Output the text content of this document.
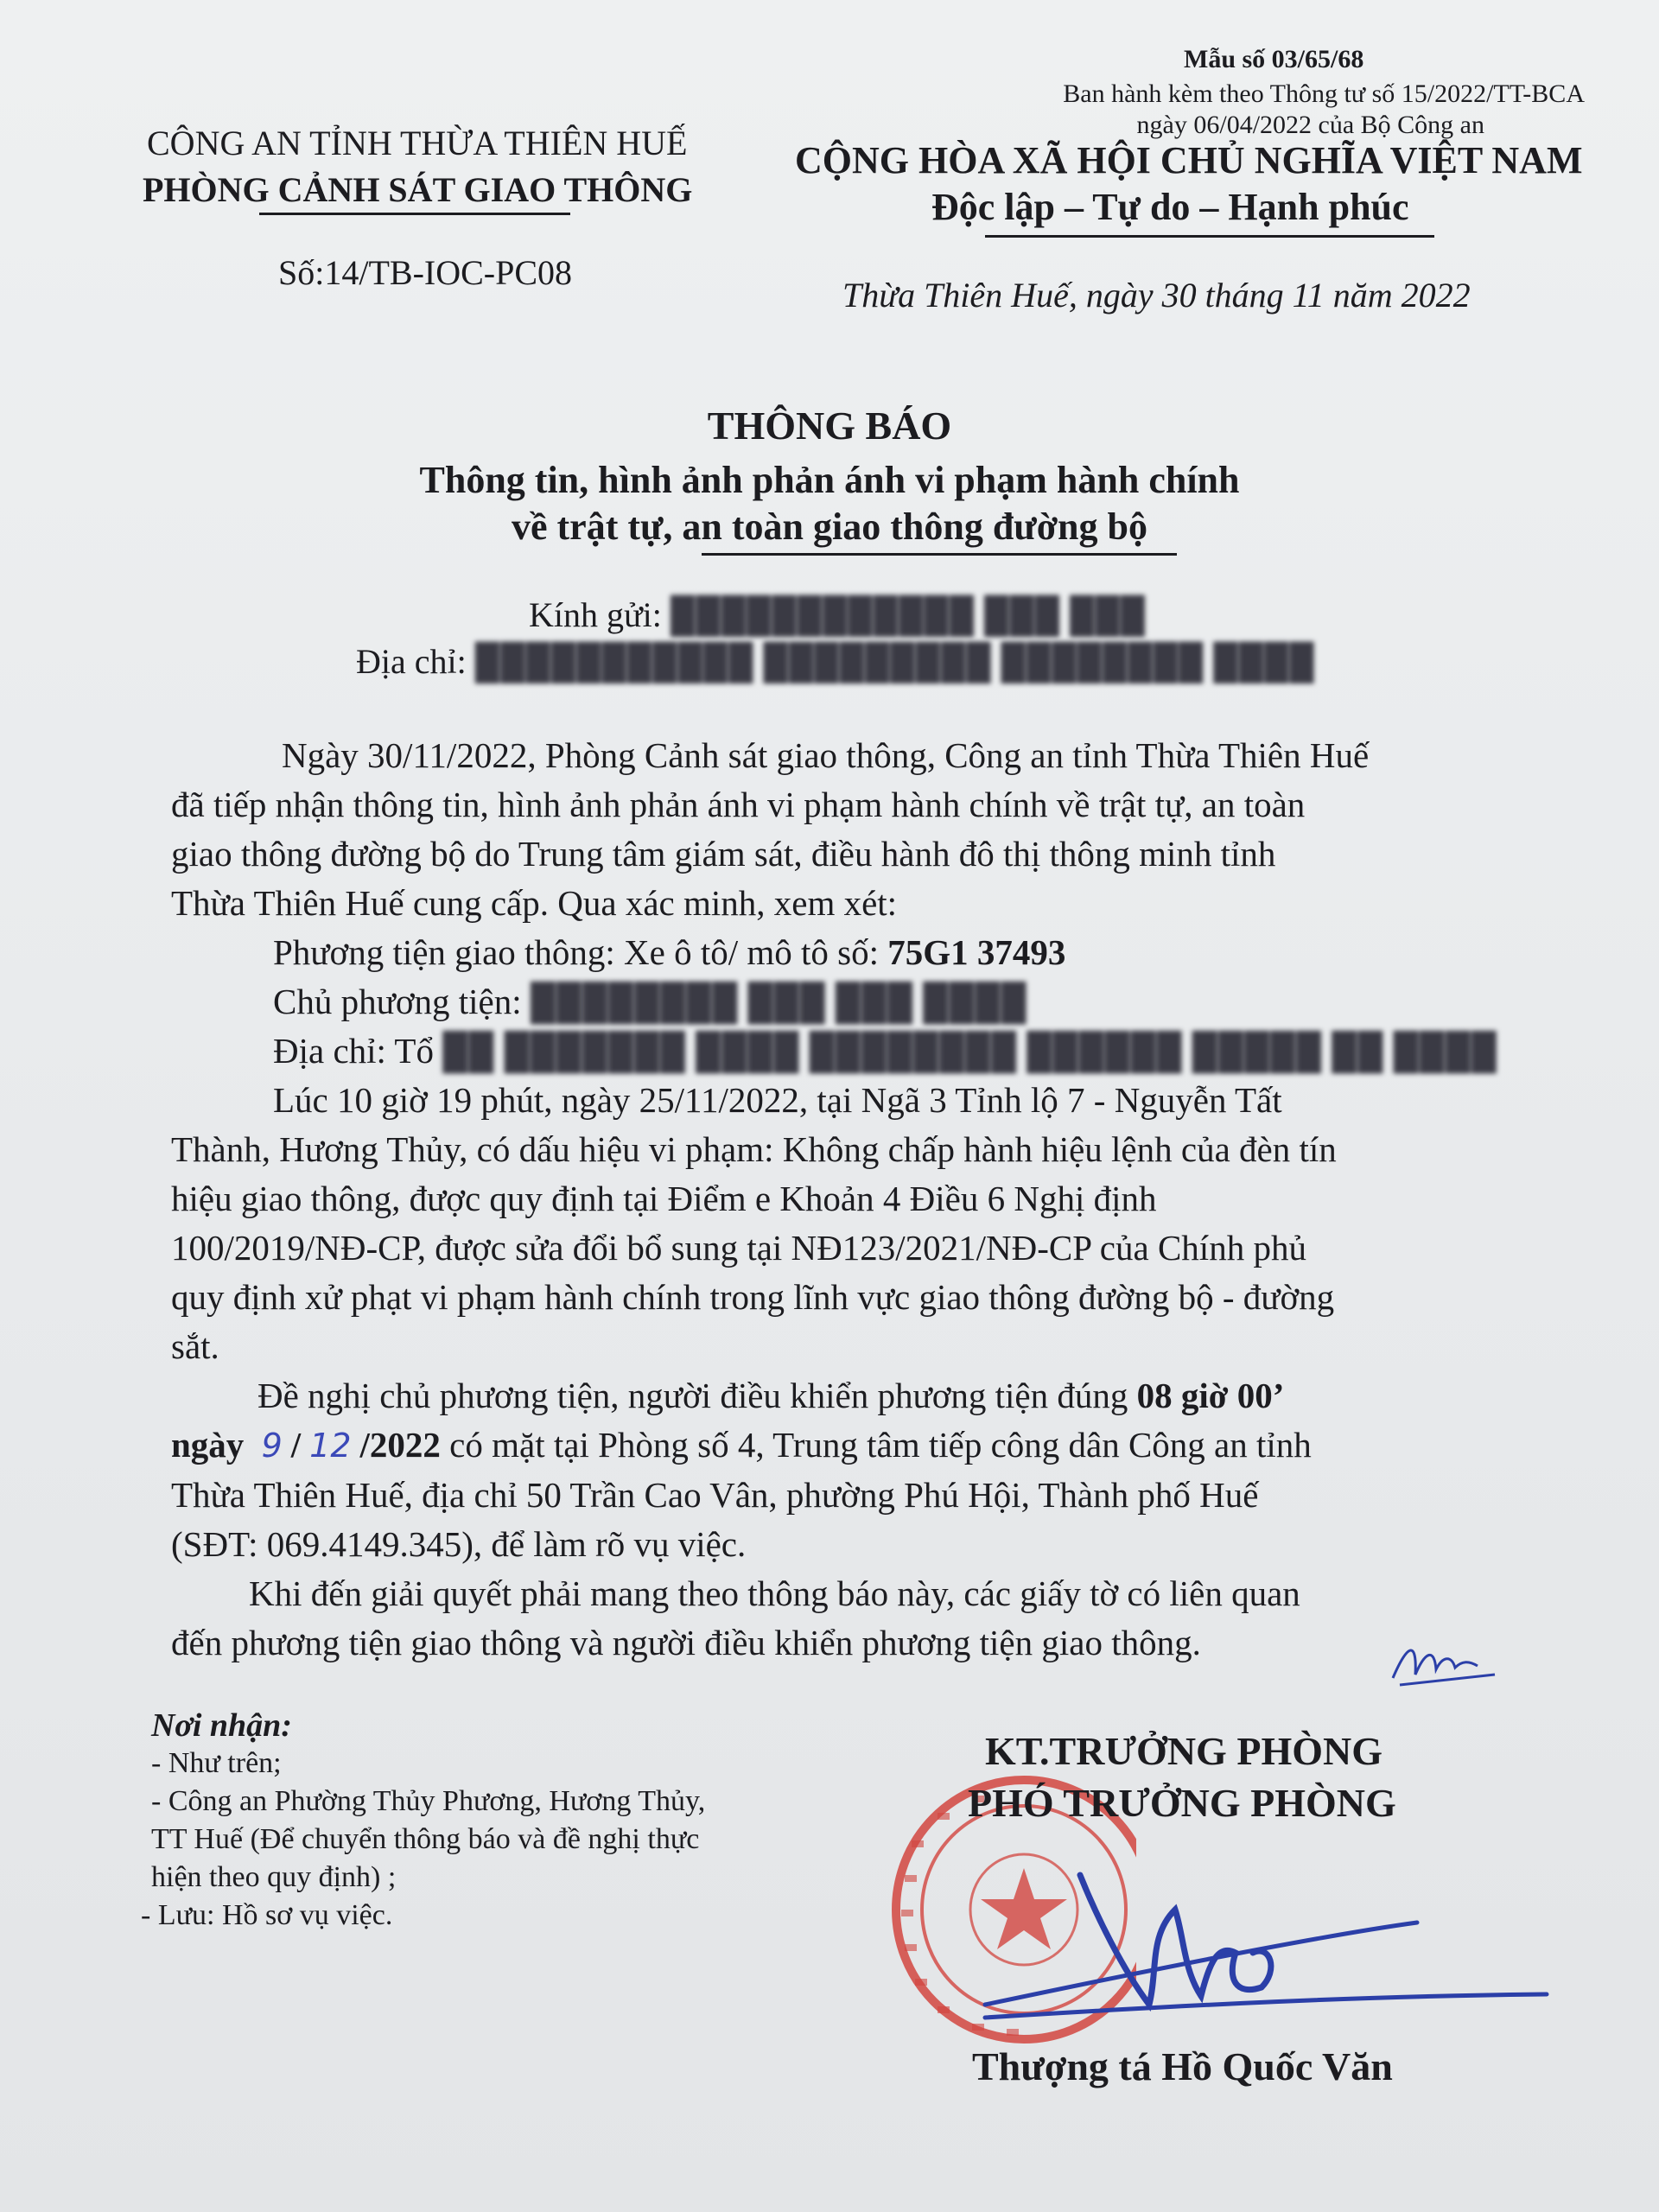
Mẫu số 03/65/68
Ban hành kèm theo Thông tư số 15/2022/TT-BCA
ngày 06/04/2022 của Bộ Công an
CÔNG AN TỈNH THỪA THIÊN HUẾ
PHÒNG CẢNH SÁT GIAO THÔNG
Số:14/TB-IOC-PC08
CỘNG HÒA XÃ HỘI CHỦ NGHĨA VIỆT NAM
Độc lập – Tự do – Hạnh phúc
Thừa Thiên Huế, ngày 30 tháng 11 năm 2022
THÔNG BÁO
Thông tin, hình ảnh phản ánh vi phạm hành chính
về trật tự, an toàn giao thông đường bộ
Kính gửi: ████████████ ███ ███
Địa chỉ: ███████████ █████████ ████████ ████
Ngày 30/11/2022, Phòng Cảnh sát giao thông, Công an tỉnh Thừa Thiên Huế
đã tiếp nhận thông tin, hình ảnh phản ánh vi phạm hành chính về trật tự, an toàn
giao thông đường bộ do Trung tâm giám sát, điều hành đô thị thông minh tỉnh
Thừa Thiên Huế cung cấp. Qua xác minh, xem xét:
Phương tiện giao thông: Xe ô tô/ mô tô số: 75G1 37493
Chủ phương tiện: ████████ ███ ███ ████
Địa chỉ: Tổ ██ ███████ ████ ████████ ██████ █████ ██ ████
Lúc 10 giờ 19 phút, ngày 25/11/2022, tại Ngã 3 Tỉnh lộ 7 - Nguyễn Tất
Thành, Hương Thủy, có dấu hiệu vi phạm: Không chấp hành hiệu lệnh của đèn tín
hiệu giao thông, được quy định tại Điểm e Khoản 4 Điều 6 Nghị định
100/2019/NĐ-CP, được sửa đổi bổ sung tại NĐ123/2021/NĐ-CP của Chính phủ
quy định xử phạt vi phạm hành chính trong lĩnh vực giao thông đường bộ - đường
sắt.
Đề nghị chủ phương tiện, người điều khiển phương tiện đúng 08 giờ 00’
ngày 9 / 12 /2022 có mặt tại Phòng số 4, Trung tâm tiếp công dân Công an tỉnh
Thừa Thiên Huế, địa chỉ 50 Trần Cao Vân, phường Phú Hội, Thành phố Huế
(SĐT: 069.4149.345), để làm rõ vụ việc.
Khi đến giải quyết phải mang theo thông báo này, các giấy tờ có liên quan
đến phương tiện giao thông và người điều khiển phương tiện giao thông.
Nơi nhận:
- Như trên;
- Công an Phường Thủy Phương, Hương Thủy,
TT Huế (Để chuyển thông báo và đề nghị thực
hiện theo quy định) ;
- Lưu: Hồ sơ vụ việc.
KT.TRƯỞNG PHÒNG
PHÓ TRƯỞNG PHÒNG
Thượng tá Hồ Quốc Văn
